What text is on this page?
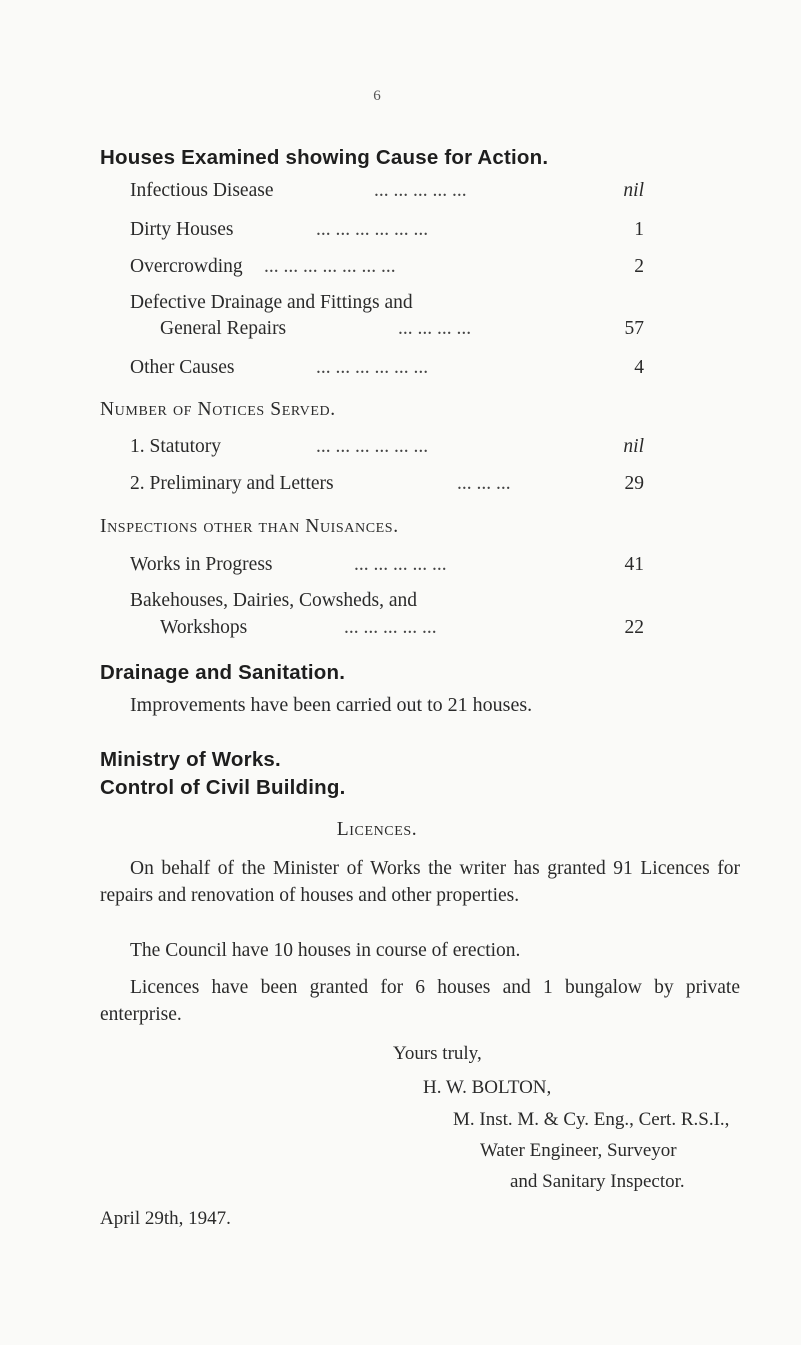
6
Houses Examined showing Cause for Action.
Infectious Disease	... ... ... ... ...	nil
Dirty Houses	... ... ... ... ... ...	1
Overcrowding ... ... ... ... ... ... ...	2
Defective Drainage and Fittings and
General Repairs	... ... ... ...	57
Other Causes	... ... ... ... ... ...	4
Number of Notices Served.
1. Statutory	... ... ... ... ... ...	nil
2. Preliminary and Letters	... ... ...	29
Inspections other than Nuisances.
Works in Progress	... ... ... ... ...	41
Bakehouses, Dairies, Cowsheds, and
Workshops	... ... ... ... ...	22
Drainage and Sanitation.
Improvements have been carried out to 21 houses.
Ministry of Works.
Control of Civil Building.
Licences.
On behalf of the Minister of Works the writer has granted 91 Licences for repairs and renovation of houses and other properties.
The Council have 10 houses in course of erection.
Licences have been granted for 6 houses and 1 bungalow by private enterprise.
Yours truly,
H. W. BOLTON,
M. Inst. M. & Cy. Eng., Cert. R.S.I.,
Water Engineer, Surveyor
and Sanitary Inspector.
April 29th, 1947.
